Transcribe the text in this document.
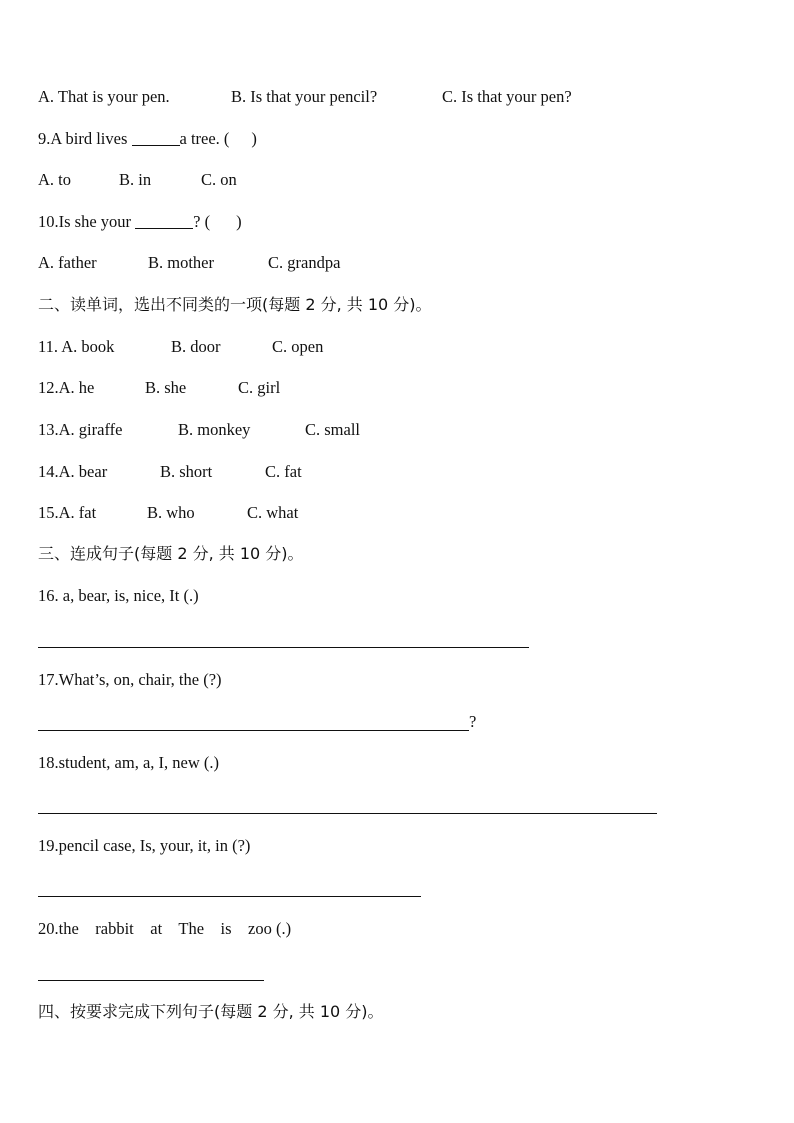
A. That is your pen.	B. Is that your pencil?	C. Is that your pen?
9.A bird lives	a tree. ( )
A. to	B. in	C. on
10.Is she your	? ( )
A. father	B. mother	C. grandpa
二、读单词，选出不同类的一项(每题 2 分, 共 10 分)。
11. A. book	B. door	C. open
12.A. he	B. she	C. girl
13.A. giraffe	B. monkey	C. small
14.A. bear	B. short	C. fat
15.A. fat	B. who	C. what
三、连成句子(每题 2 分, 共 10 分)。
16. a, bear, is, nice, It (.)
17.What’s, on, chair, the (?)
?
18.student, am, a, I, new (.)
19.pencil case, Is, your, it, in (?)
20.the    rabbit    at    The    is    zoo (.)
四、按要求完成下列句子(每题 2 分, 共 10 分)。
